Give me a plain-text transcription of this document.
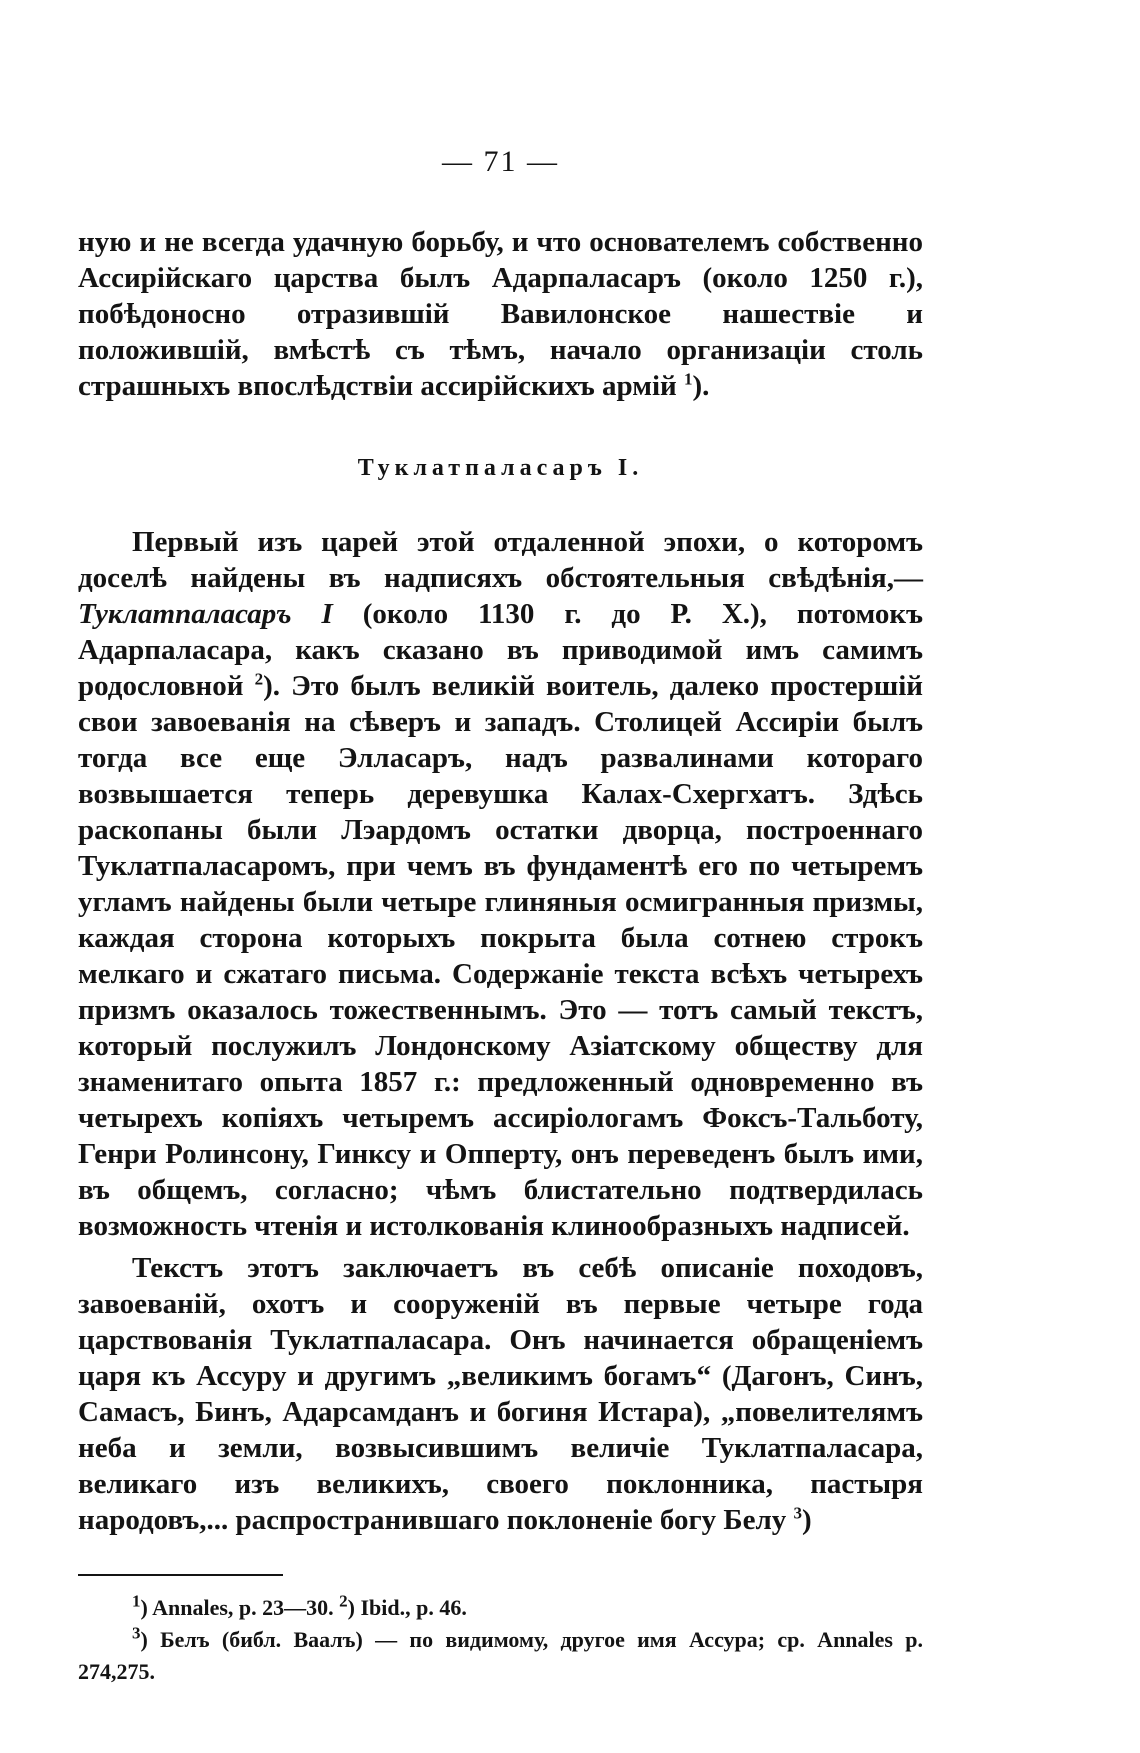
— 71 —

ную и не всегда удачную борьбу, и что основателемъ собственно Ассирійскаго царства былъ Адарпаласаръ (около 1250 г.), побѣдоносно отразившій Вавилонское нашествіе и положившій, вмѣстѣ съ тѣмъ, начало организаціи столь страшныхъ впослѣдствіи ассирійскихъ армій $^1$).

Туклатпаласаръ I.

Первый изъ царей этой отдаленной эпохи, о которомъ доселѣ найдены въ надписяхъ обстоятельныя свѣдѣнія,— Туклатпаласаръ I (около 1130 г. до Р. Х.), потомокъ Адарпаласара, какъ сказано въ приводимой имъ самимъ родословной $^2$). Это былъ великій воитель, далеко простершій свои завоеванія на сѣверъ и западъ. Столицей Ассиріи былъ тогда все еще Элласаръ, надъ развалинами котораго возвышается теперь деревушка Калах-Схергхатъ. Здѣсь раскопаны были Лэардомъ остатки дворца, построеннаго Туклатпаласаромъ, при чемъ въ фундаментѣ его по четыремъ угламъ найдены были четыре глиняныя осмигранныя призмы, каждая сторона которыхъ покрыта была сотнею строкъ мелкаго и сжатаго письма. Содержаніе текста всѣхъ четырехъ призмъ оказалось тожественнымъ. Это — тотъ самый текстъ, который послужилъ Лондонскому Азіатскому обществу для знаменитаго опыта 1857 г.: предложенный одновременно въ четырехъ копіяхъ четыремъ ассиріологамъ Фоксъ-Тальботу, Генри Ролинсону, Гинксу и Опперту, онъ переведенъ былъ ими, въ общемъ, согласно; чѣмъ блистательно подтвердилась возможность чтенія и истолкованія клинообразныхъ надписей.

Текстъ этотъ заключаетъ въ себѣ описаніе походовъ, завоеваній, охотъ и сооруженій въ первые четыре года царствованія Туклатпаласара. Онъ начинается обращеніемъ царя къ Ассуру и другимъ „великимъ богамъ“ (Дагонъ, Синъ, Самасъ, Бинъ, Адарсамданъ и богиня Истара), „повелителямъ неба и земли, возвысившимъ величіе Туклатпаласара, великаго изъ великихъ, своего поклонника, пастыря народовъ,... распространившаго поклоненіе богу Белу $^3$)

$^1$) Annales, p. 23—30. $^2$) Ibid., p. 46.

$^3$) Белъ (библ. Ваалъ) — по видимому, другое имя Ассура; ср. Annales p. 274,275.
